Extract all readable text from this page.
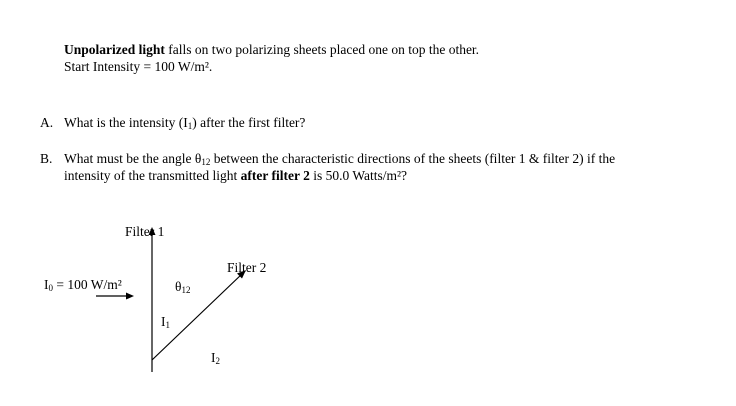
Unpolarized light falls on two polarizing sheets placed one on top the other.
Start Intensity = 100 W/m².
A. What is the intensity $(I_1)$ after the first filter?
B. What must be the angle $\theta_{12}$ between the characteristic directions of the sheets (filter 1 & filter 2) if the
intensity of the transmitted light after filter 2 is 50.0 Watts/m²?
Filter 1
Filter 2
$I_0 = 100$ W/m²	$\theta_{12}$
$I_1$
$I_2$
